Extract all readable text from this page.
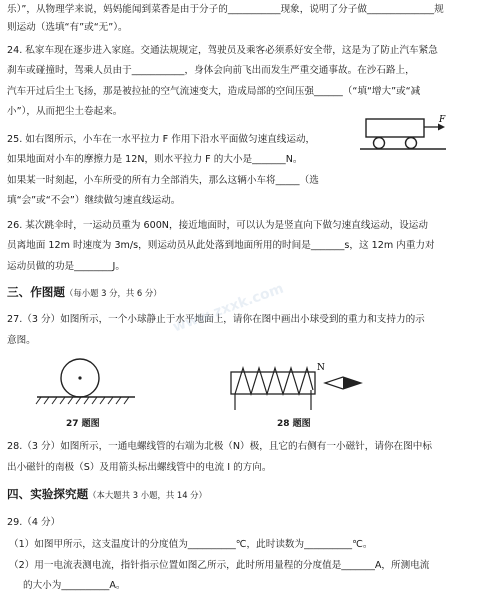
乐）”，从物理学来说，妈妈能闻到菜香是由于分子的___________现象，说明了分子做______________规
则运动（选填“有”或“无”）。
24. 私家车现在逐步进入家庭。交通法规规定，驾驶员及乘客必须系好安全带，这是为了防止汽车紧急
刹车或碰撞时，驾乘人员由于___________，身体会向前飞出而发生严重交通事故。在沙石路上，
汽车开过后尘土飞扬，那是被拉扯的空气流速变大，造成局部的空间压强______（“填“增大”或“减
小”），从而把尘土卷起来。
25. 如右图所示，小车在一水平拉力 F 作用下沿水平面做匀速直线运动，
如果地面对小车的摩擦力是 12N，则水平拉力 F 的大小是_______N。
如果某一时刻起，小车所受的所有力全部消失，那么这辆小车将_____（选
填“会”或“不会”）继续做匀速直线运动。
26. 某次跳伞时，一运动员重为 600N，接近地面时，可以认为是竖直向下做匀速直线运动，设运动
员离地面 12m 时速度为 3m/s，则运动员从此处落到地面所用的时间是_______s，这 12m 内重力对
运动员做的功是________J。
三、作图题（每小题 3 分，共 6 分）
27.（3 分）如图所示，一个小球静止于水平地面上，请你在图中画出小球受到的重力和支持力的示
意图。
28.（3 分）如图所示，一通电螺线管的右端为北极（N）极，且它的右侧有一小磁针，请你在图中标
出小磁针的南极（S）及用箭头标出螺线管中的电流 I 的方向。
四、实验探究题（本大题共 3 小题，共 14 分）
29.（4 分）
（1）如图甲所示，这支温度计的分度值为__________℃，此时读数为__________℃。
（2）用一电流表测电流，指针指示位置如图乙所示，此时所用量程的分度值是_______A，所测电流
的大小为__________A。
F
27 题图
N
28 题图
www.zxxk.com
